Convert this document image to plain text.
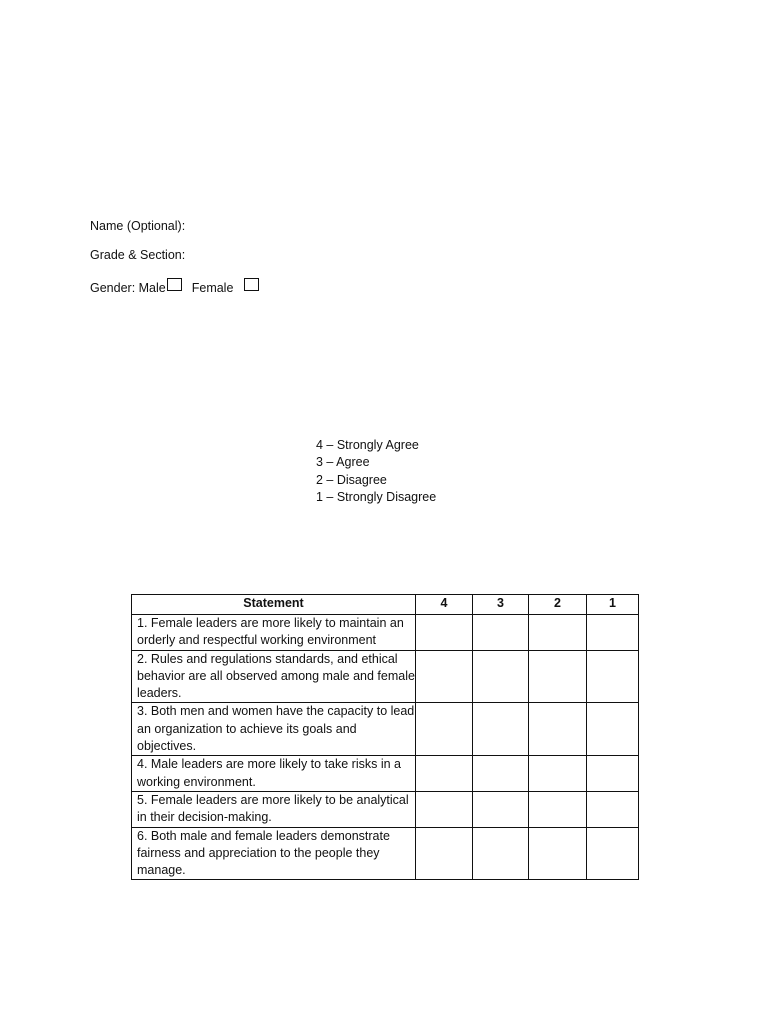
Name (Optional):
Grade & Section:
Gender: Male Female
4 – Strongly Agree
3 – Agree
2 – Disagree
1 – Strongly Disagree
Statement	4	3	2	1
1. Female leaders are more likely to maintain an orderly and respectful working environment				
2. Rules and regulations standards, and ethical behavior are all observed among male and female leaders.				
3. Both men and women have the capacity to lead an organization to achieve its goals and objectives.				
4. Male leaders are more likely to take risks in a working environment.				
5. Female leaders are more likely to be analytical in their decision-making.				
6. Both male and female leaders demonstrate fairness and appreciation to the people they manage.				
